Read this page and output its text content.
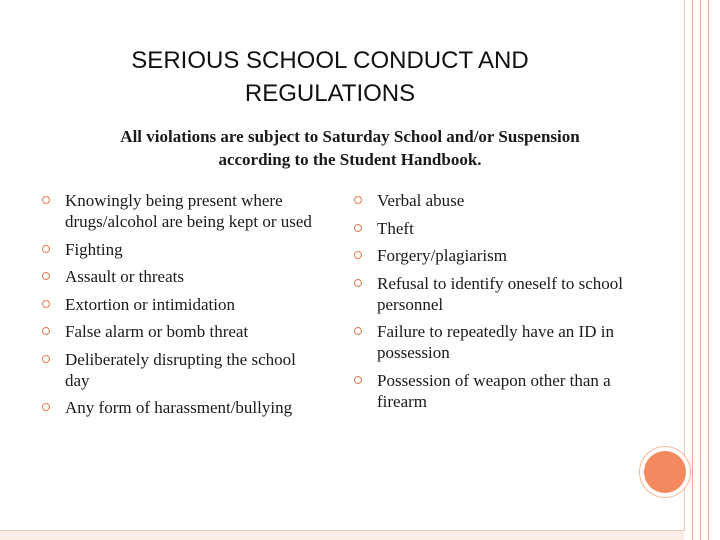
SERIOUS SCHOOL CONDUCT AND
REGULATIONS
All violations are subject to Saturday School and/or Suspension
according to the Student Handbook.
Knowingly being present where drugs/alcohol are being kept or used
Fighting
Assault or threats
Extortion or intimidation
False alarm or bomb threat
Deliberately disrupting the school day
Any form of harassment/bullying
Verbal abuse
Theft
Forgery/plagiarism
Refusal to identify oneself to school personnel
Failure to repeatedly have an ID in possession
Possession of weapon other than a firearm
